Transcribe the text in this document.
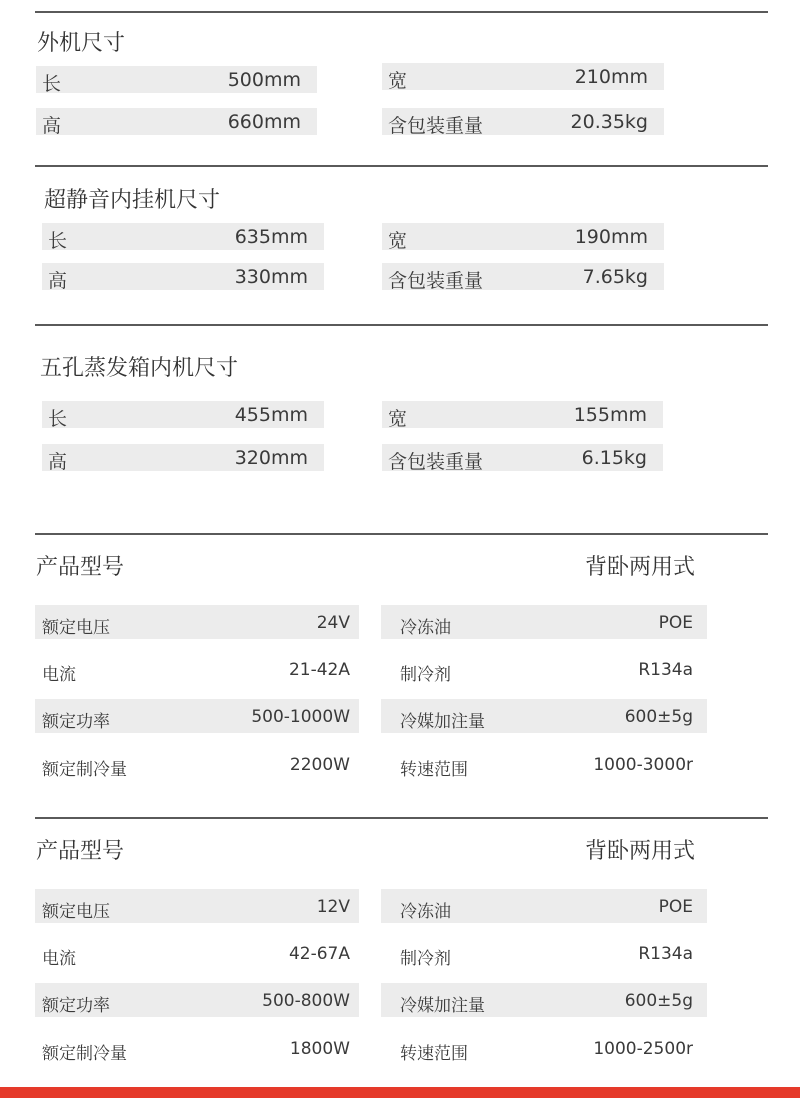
外机尺寸
长	500mm	宽	210mm
高	660mm	含包装重量	20.35kg
超静音内挂机尺寸
长	635mm	宽	190mm
高	330mm	含包装重量	7.65kg
五孔蒸发箱内机尺寸
长	455mm	宽	155mm
高	320mm	含包装重量	6.15kg
产品型号	背卧两用式
额定电压	24V	冷冻油	POE
电流	21-42A	制冷剂	R134a
额定功率	500-1000W	冷媒加注量	600±5g
额定制冷量	2200W	转速范围	1000-3000r
产品型号	背卧两用式
额定电压	12V	冷冻油	POE
电流	42-67A	制冷剂	R134a
额定功率	500-800W	冷媒加注量	600±5g
额定制冷量	1800W	转速范围	1000-2500r
